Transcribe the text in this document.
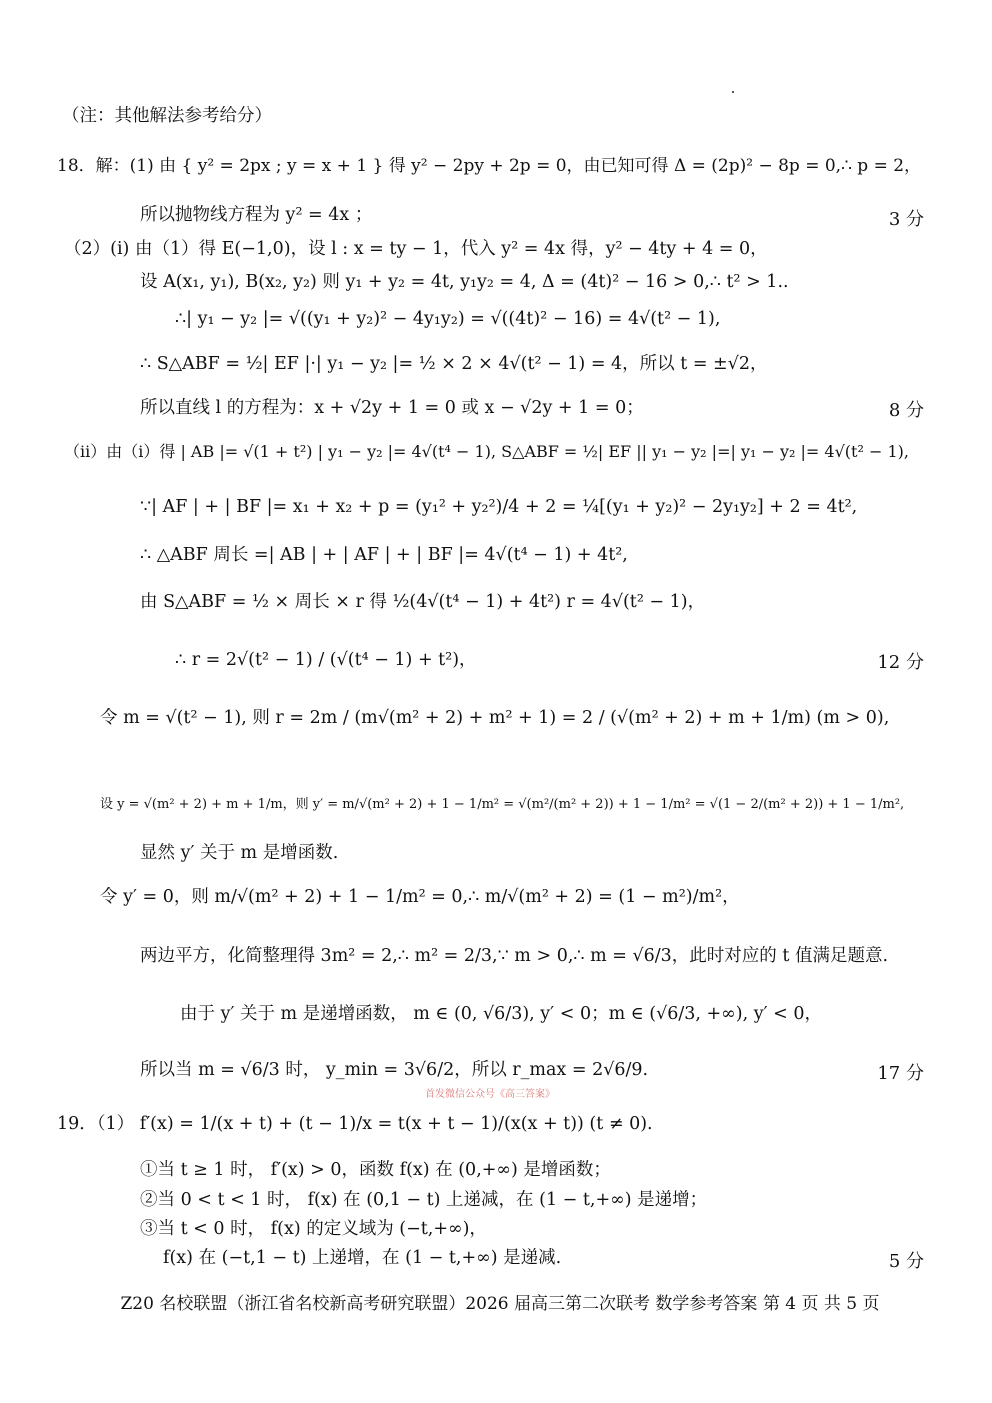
（注：其他解法参考给分）
18．解：(1) 由 { y² = 2px ; y = x + 1 } 得 y² − 2py + 2p = 0，由已知可得 Δ = (2p)² − 8p = 0,∴ p = 2，
所以抛物线方程为 y² = 4x ；
（2）(i) 由（1）得 E(−1,0)，设 l : x = ty − 1，代入 y² = 4x 得，y² − 4ty + 4 = 0，
设 A(x₁, y₁), B(x₂, y₂) 则 y₁ + y₂ = 4t, y₁y₂ = 4, Δ = (4t)² − 16 > 0,∴ t² > 1..
∴| y₁ − y₂ |= √((y₁ + y₂)² − 4y₁y₂) = √((4t)² − 16) = 4√(t² − 1),
∴ S△ABF = ½| EF |·| y₁ − y₂ |= ½ × 2 × 4√(t² − 1) = 4，所以 t = ±√2，
所以直线 l 的方程为：x + √2y + 1 = 0 或 x − √2y + 1 = 0；
（ii）由（i）得 | AB |= √(1 + t²) | y₁ − y₂ |= 4√(t⁴ − 1), S△ABF = ½| EF || y₁ − y₂ |=| y₁ − y₂ |= 4√(t² − 1),
∵| AF | + | BF |= x₁ + x₂ + p = (y₁² + y₂²)/4 + 2 = ¼[(y₁ + y₂)² − 2y₁y₂] + 2 = 4t²,
∴ △ABF 周长 =| AB | + | AF | + | BF |= 4√(t⁴ − 1) + 4t²,
由 S△ABF = ½ × 周长 × r 得 ½(4√(t⁴ − 1) + 4t²) r = 4√(t² − 1)，
∴ r = 2√(t² − 1) / (√(t⁴ − 1) + t²)，
令 m = √(t² − 1), 则 r = 2m / (m√(m² + 2) + m² + 1) = 2 / (√(m² + 2) + m + 1/m) (m > 0),
设 y = √(m² + 2) + m + 1/m，则 y′ = m/√(m² + 2) + 1 − 1/m² = √(m²/(m² + 2)) + 1 − 1/m² = √(1 − 2/(m² + 2)) + 1 − 1/m²,
显然 y′ 关于 m 是增函数.
令 y′ = 0，则 m/√(m² + 2) + 1 − 1/m² = 0,∴ m/√(m² + 2) = (1 − m²)/m²，
两边平方，化简整理得 3m² = 2,∴ m² = 2/3,∵ m > 0,∴ m = √6/3，此时对应的 t 值满足题意.
由于 y′ 关于 m 是递增函数， m ∈ (0, √6/3), y′ < 0；m ∈ (√6/3, +∞), y′ < 0，
所以当 m = √6/3 时， y_min = 3√6/2，所以 r_max = 2√6/9.
19．（1） f′(x) = 1/(x + t) + (t − 1)/x = t(x + t − 1)/(x(x + t)) (t ≠ 0).
①当 t ≥ 1 时， f′(x) > 0，函数 f(x) 在 (0,+∞) 是增函数；
②当 0 < t < 1 时， f(x) 在 (0,1 − t) 上递减，在 (1 − t,+∞) 是递增；
③当 t < 0 时， f(x) 的定义域为 (−t,+∞)，
f(x) 在 (−t,1 − t) 上递增，在 (1 − t,+∞) 是递减.
3 分
8 分
12 分
17 分
5 分
首发微信公众号《高三答案》
Z20 名校联盟（浙江省名校新高考研究联盟）2026 届高三第二次联考 数学参考答案 第 4 页 共 5 页
